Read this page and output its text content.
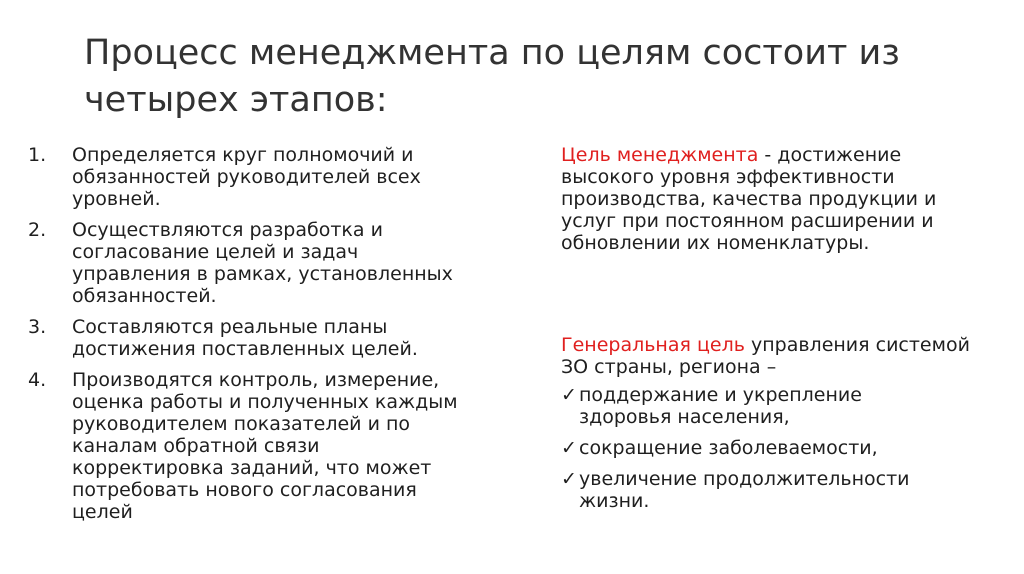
Процесс менеджмента по целям состоит из четырех этапов:
1.	Определяется круг полномочий и обязанностей руководителей всех уровней.
2.	Осуществляются разработка и согласование целей и задач управления в рамках, установленных обязанностей.
3.	Составляются реальные планы достижения поставленных целей.
4.	Производятся контроль, измерение, оценка работы и полученных каждым руководителем показателей и по каналам обратной связи корректировка заданий, что может потребовать нового согласования целей

Цель менеджмента - достижение высокого уровня эффективности производства, качества продукции и услуг при постоянном расширении и обновлении их номенклатуры.

Генеральная цель управления системой ЗО страны, региона –

✓ поддержание и укрепление здоровья населения,
✓ сокращение заболеваемости,
✓ увеличение продолжительности жизни.
